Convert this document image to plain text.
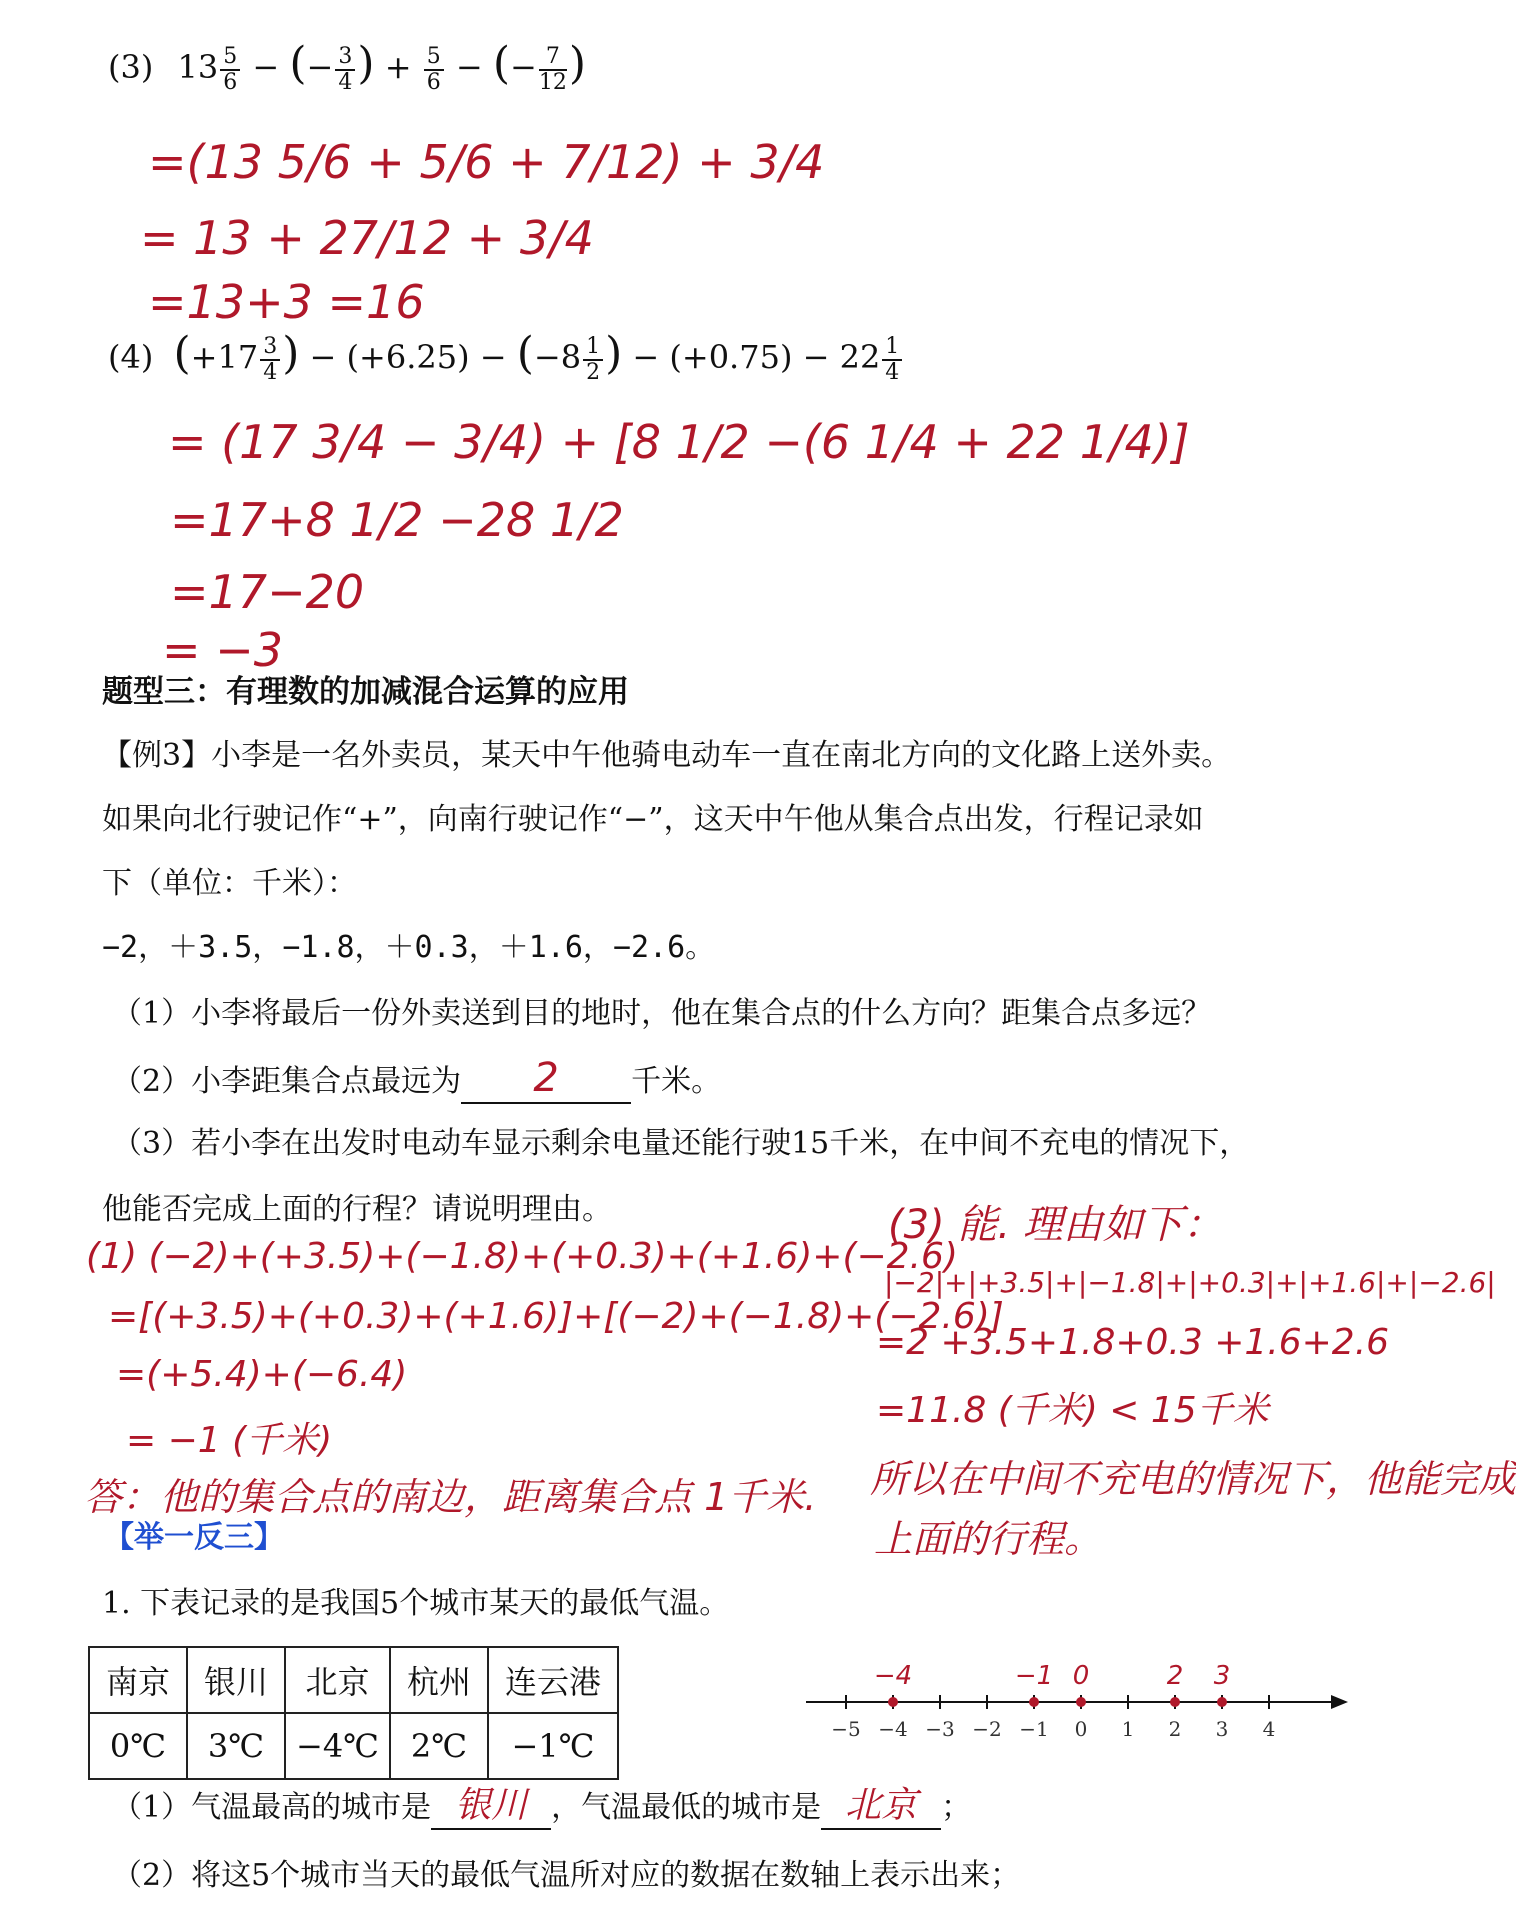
(3) $13 \frac{5}{6}$ − (− $\frac{3}{4}$ ) + $\frac{5}{6}$ − (− $\frac{7}{12}$ )
=(13 5/6 + 5/6 + 7/12) + 3/4
= 13 + 27/12 + 3/4
=13+3 =16
(4) ($+17 \frac{3}{4}$ ) − $(+6.25) - (-8 \frac{1}{2}$ ) − $(+0.75) - 22 \frac{1}{4}$
= (17 3/4 − 3/4) + [8 1/2 −(6 1/4 + 22 1/4)]
=17+8 1/2 −28 1/2
=17−20
= −3
题型三：有理数的加减混合运算的应用
【例3】小李是一名外卖员，某天中午他骑电动车一直在南北方向的文化路上送外卖。
如果向北行驶记作“+”，向南行驶记作“−”，这天中午他从集合点出发，行程记录如
下（单位：千米）：
−2，＋3.5，−1.8，＋0.3，＋1.6，−2.6。
（1）小李将最后一份外卖送到目的地时，他在集合点的什么方向？距集合点多远？
（2）小李距集合点最远为 2 千米。
（3）若小李在出发时电动车显示剩余电量还能行驶15千米，在中间不充电的情况下，
他能否完成上面的行程？请说明理由。
(1) (−2)+(+3.5)+(−1.8)+(+0.3)+(+1.6)+(−2.6)
=[(+3.5)+(+0.3)+(+1.6)]+[(−2)+(−1.8)+(−2.6)]
=(+5.4)+(−6.4)
= −1 (千米)
答：他的集合点的南边，距离集合点 1千米.
(3) 能. 理由如下：
|−2|+|+3.5|+|−1.8|+|+0.3|+|+1.6|+|−2.6|
=2 +3.5+1.8+0.3 +1.6+2.6
=11.8 (千米) < 15千米
所以在中间不充电的情况下，他能完成
上面的行程。
【举一反三】
1. 下表记录的是我国5个城市某天的最低气温。
南京	银川	北京	杭州	连云港
0℃	3℃	−4℃	2℃	−1℃	−5 −4 −3 −2 −1 0 1 2 3 4
−4	−1 0	2 3
（1）气温最高的城市是 银川 ，气温最低的城市是 北京 ；
（2）将这5个城市当天的最低气温所对应的数据在数轴上表示出来；
